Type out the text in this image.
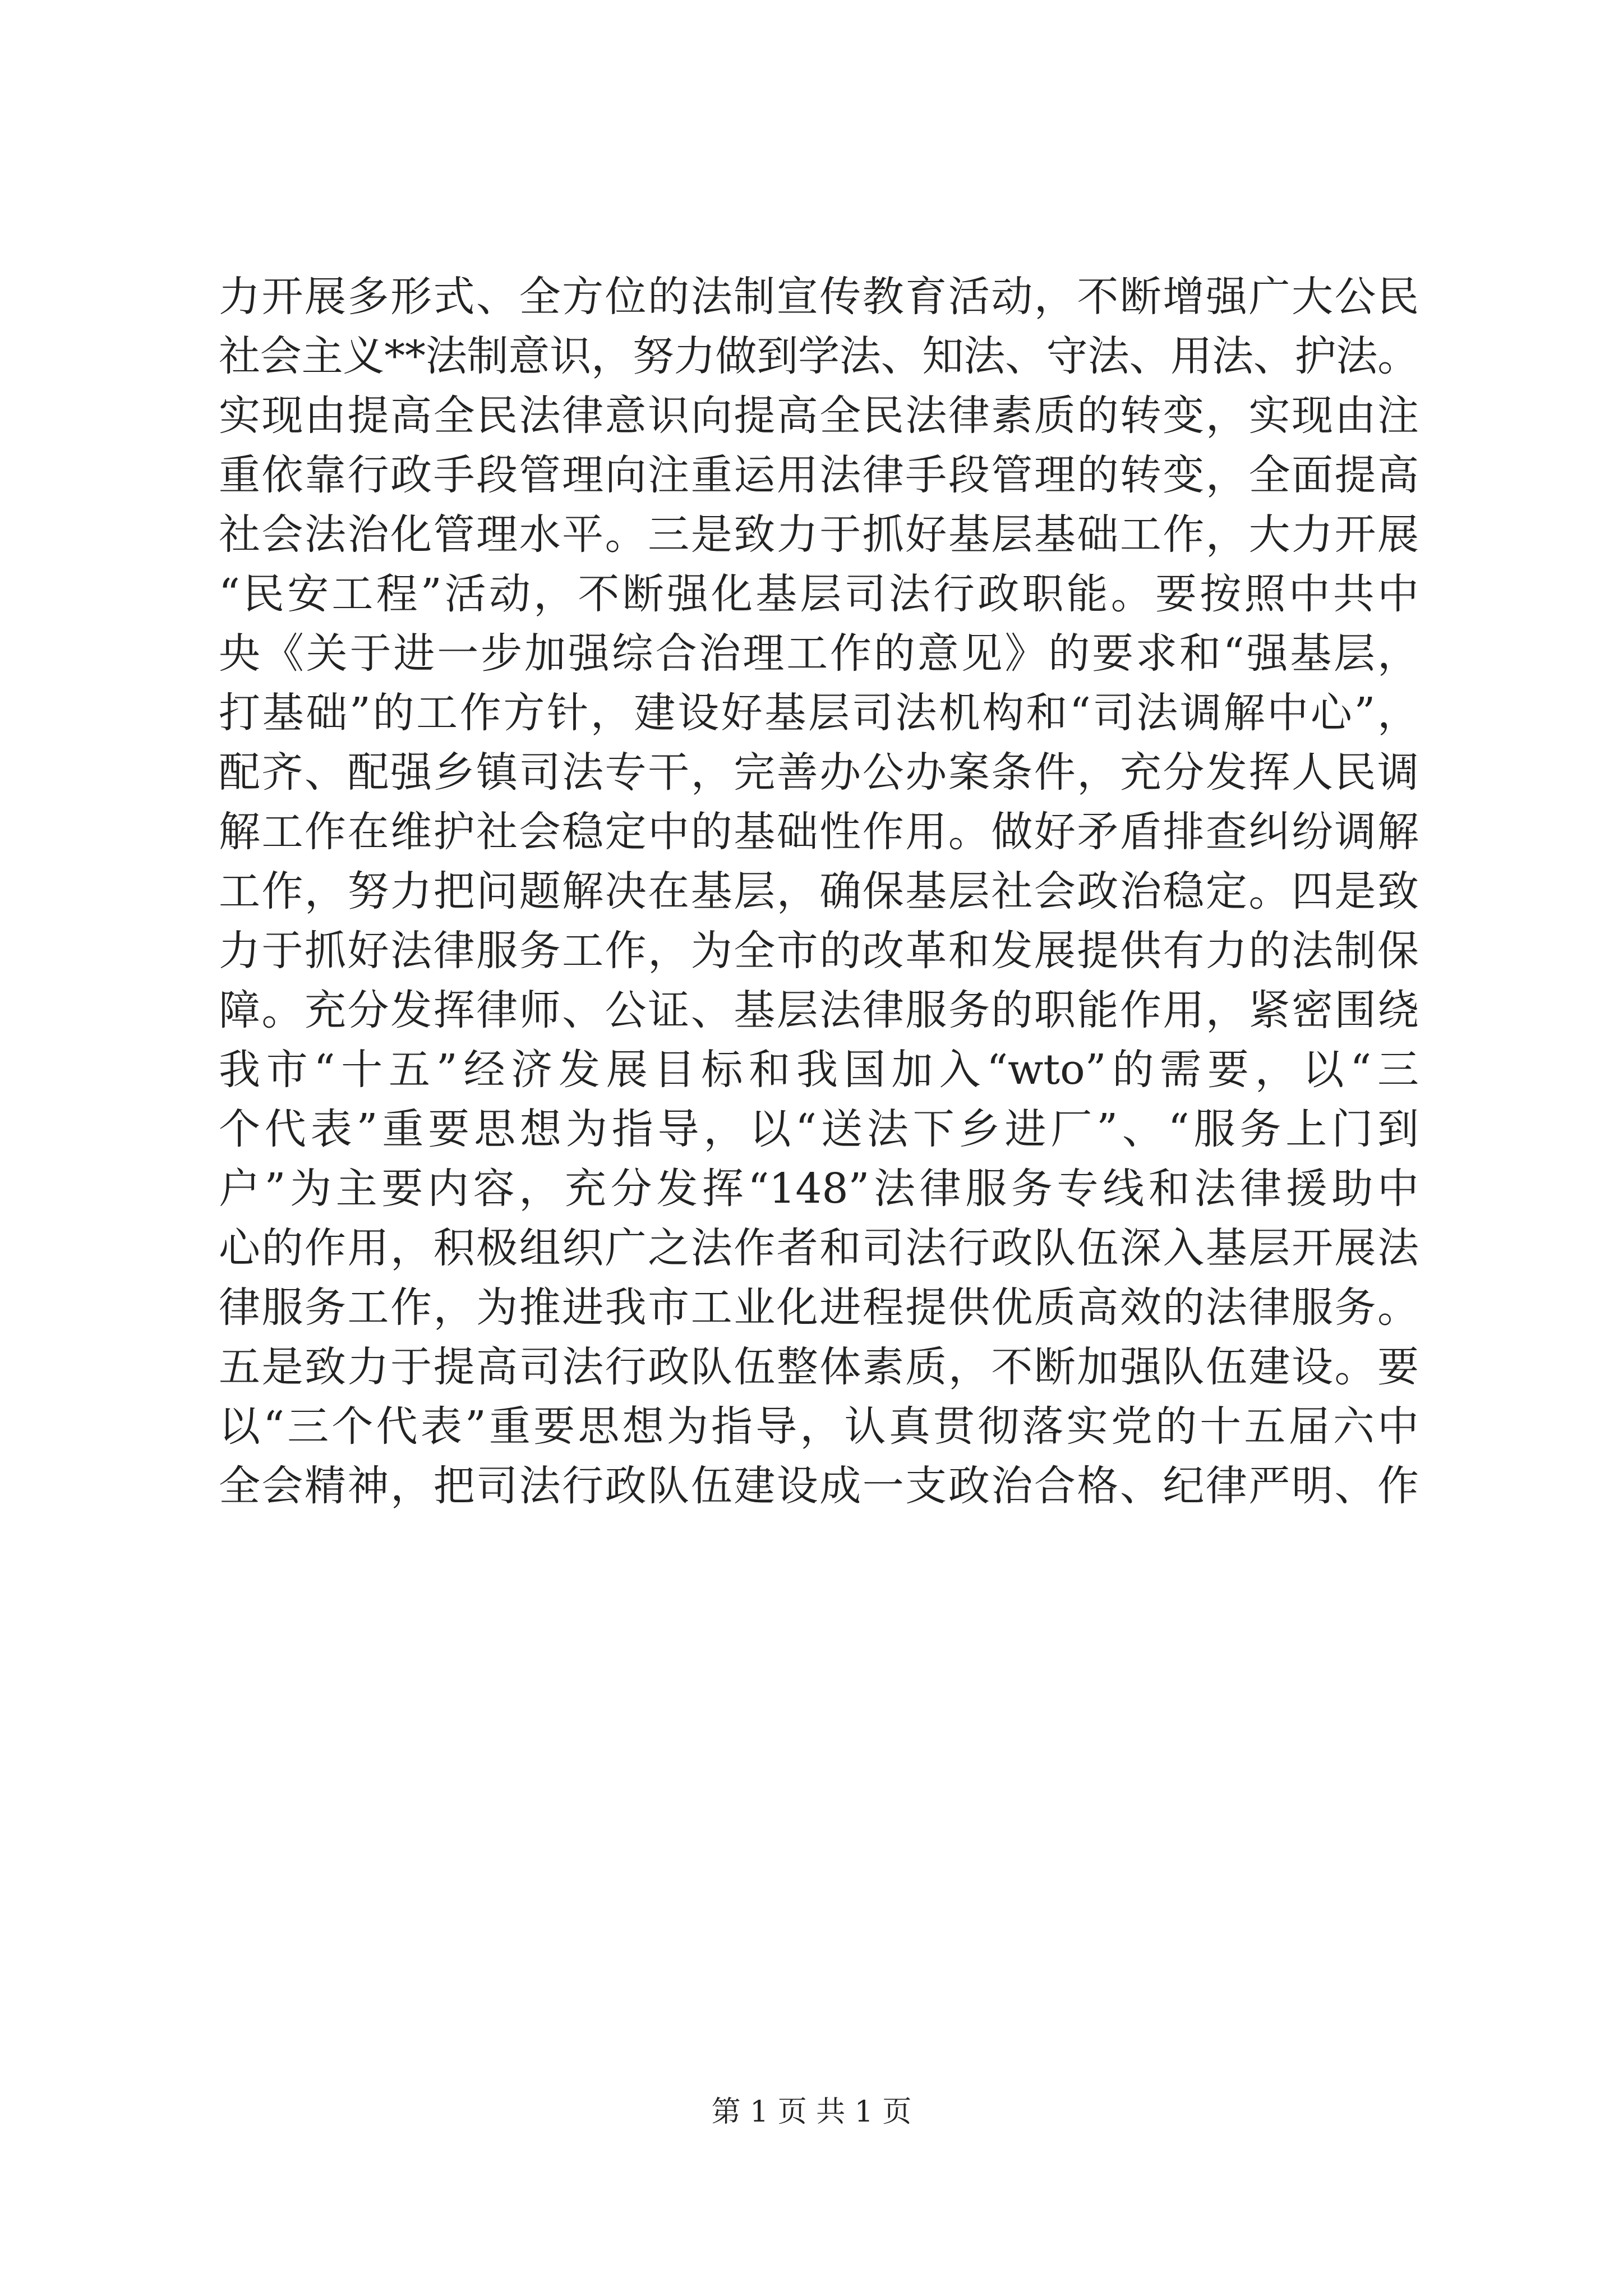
力开展多形式、全方位的法制宣传教育活动，不断增强广大公民
社会主义**法制意识，努力做到学法、知法、守法、用法、护法。
实现由提高全民法律意识向提高全民法律素质的转变，实现由注
重依靠行政手段管理向注重运用法律手段管理的转变，全面提高
社会法治化管理水平。三是致力于抓好基层基础工作，大力开展
“民安工程”活动，不断强化基层司法行政职能。要按照中共中
央《关于进一步加强综合治理工作的意见》的要求和“强基层，
打基础”的工作方针，建设好基层司法机构和“司法调解中心”，
配齐、配强乡镇司法专干，完善办公办案条件，充分发挥人民调
解工作在维护社会稳定中的基础性作用。做好矛盾排查纠纷调解
工作，努力把问题解决在基层，确保基层社会政治稳定。四是致
力于抓好法律服务工作，为全市的改革和发展提供有力的法制保
障。充分发挥律师、公证、基层法律服务的职能作用，紧密围绕
我市“十五”经济发展目标和我国加入“wto”的需要，以“三
个代表”重要思想为指导，以“送法下乡进厂”、“服务上门到
户”为主要内容，充分发挥“148”法律服务专线和法律援助中
心的作用，积极组织广之法作者和司法行政队伍深入基层开展法
律服务工作，为推进我市工业化进程提供优质高效的法律服务。
五是致力于提高司法行政队伍整体素质，不断加强队伍建设。要
以“三个代表”重要思想为指导，认真贯彻落实党的十五届六中
全会精神，把司法行政队伍建设成一支政治合格、纪律严明、作
第 1 页 共 1 页
